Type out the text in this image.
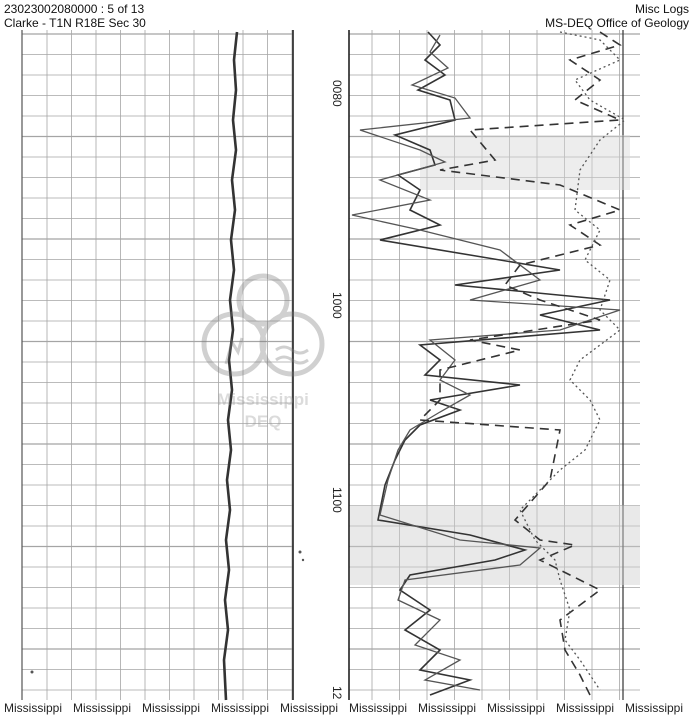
23023002080000 : 5 of 13
Clarke - T1N R18E Sec 30
Misc Logs
MS-DEQ Office of Geology
0080
1000
1100
12
Mississippi
DEQ
Mississippi Mississippi Mississippi Mississippi Mississippi Mississippi Mississippi Mississippi Mississippi Mississippi
